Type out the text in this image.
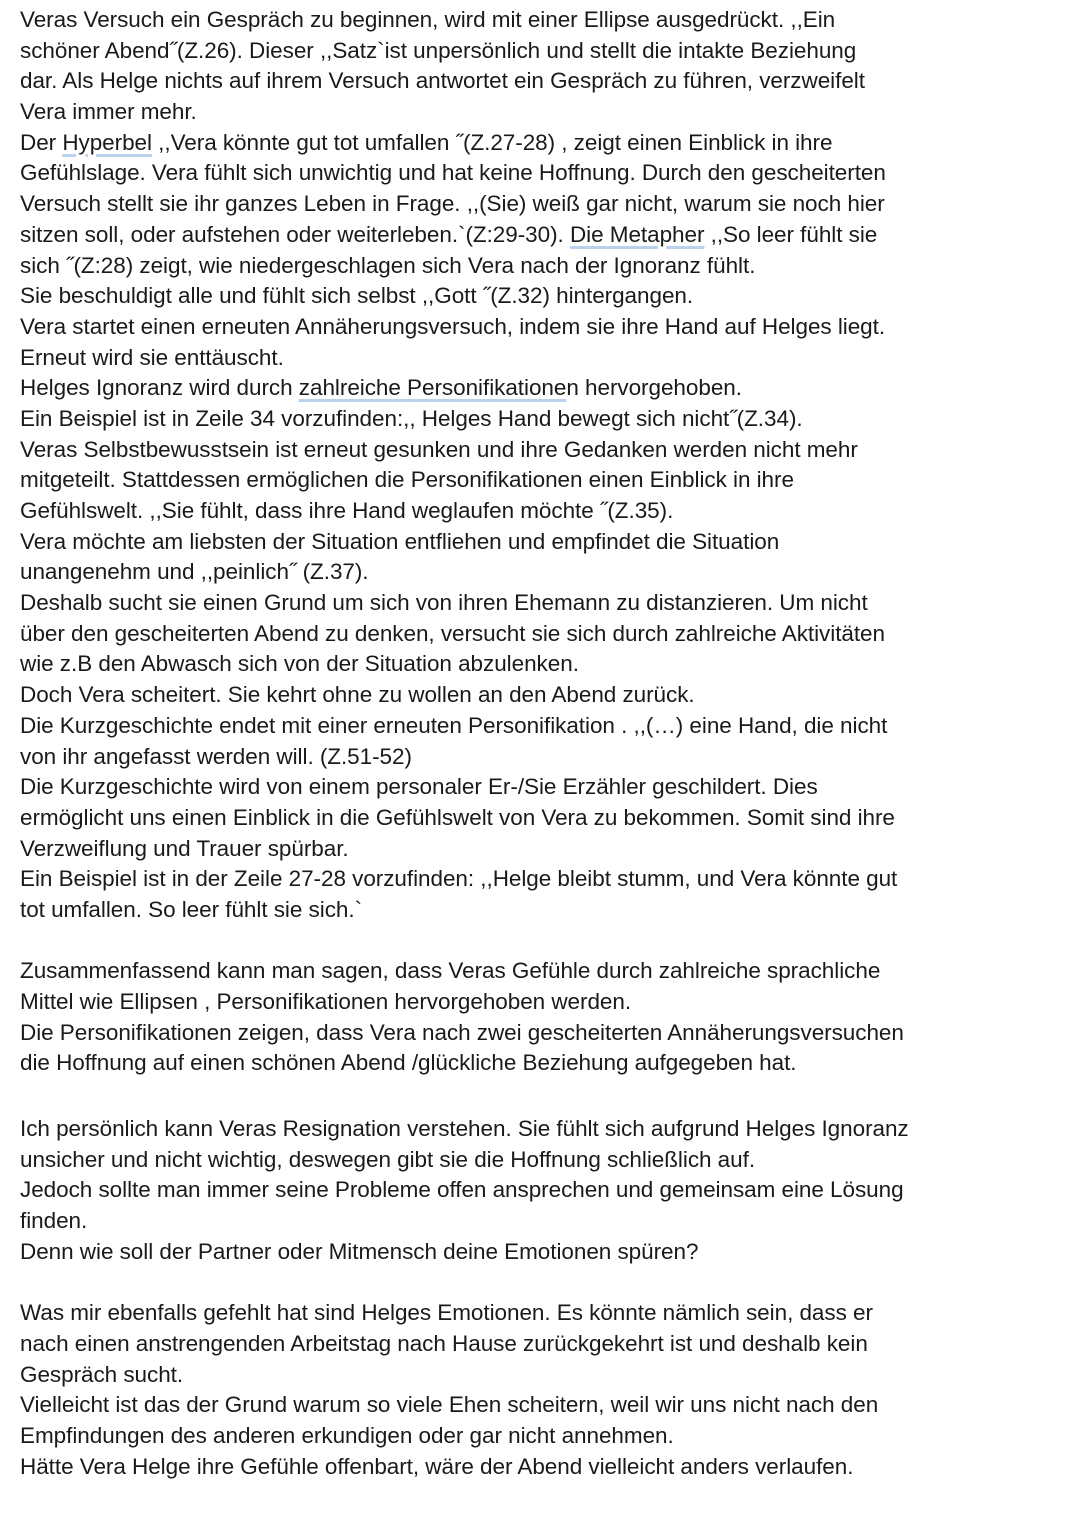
Veras Versuch ein Gespräch zu beginnen, wird mit einer Ellipse ausgedrückt. ,,Ein
schöner Abend˝(Z.26). Dieser ,,Satz`ist unpersönlich und stellt die intakte Beziehung
dar. Als Helge nichts auf ihrem Versuch antwortet ein Gespräch zu führen, verzweifelt
Vera immer mehr.
Der Hyperbel ,,Vera könnte gut tot umfallen ˝(Z.27-28) , zeigt einen Einblick in ihre
Gefühlslage. Vera fühlt sich unwichtig und hat keine Hoffnung. Durch den gescheiterten
Versuch stellt sie ihr ganzes Leben in Frage. ,,(Sie) weiß gar nicht, warum sie noch hier
sitzen soll, oder aufstehen oder weiterleben.`(Z:29-30). Die Metapher ,,So leer fühlt sie
sich ˝(Z:28) zeigt, wie niedergeschlagen sich Vera nach der Ignoranz fühlt.
Sie beschuldigt alle und fühlt sich selbst ,,Gott ˝(Z.32) hintergangen.
Vera startet einen erneuten Annäherungsversuch, indem sie ihre Hand auf Helges liegt.
Erneut wird sie enttäuscht.
Helges Ignoranz wird durch zahlreiche Personifikationen hervorgehoben.
Ein Beispiel ist in Zeile 34 vorzufinden:,, Helges Hand bewegt sich nicht˝(Z.34).
Veras Selbstbewusstsein ist erneut gesunken und ihre Gedanken werden nicht mehr
mitgeteilt. Stattdessen ermöglichen die Personifikationen einen Einblick in ihre
Gefühlswelt. ,,Sie fühlt, dass ihre Hand weglaufen möchte ˝(Z.35).
Vera möchte am liebsten der Situation entfliehen und empfindet die Situation
unangenehm und ,,peinlich˝ (Z.37).
Deshalb sucht sie einen Grund um sich von ihren Ehemann zu distanzieren. Um nicht
über den gescheiterten Abend zu denken, versucht sie sich durch zahlreiche Aktivitäten
wie z.B den Abwasch sich von der Situation abzulenken.
Doch Vera scheitert. Sie kehrt ohne zu wollen an den Abend zurück.
Die Kurzgeschichte endet mit einer erneuten Personifikation . ,,(…) eine Hand, die nicht
von ihr angefasst werden will. (Z.51-52)
Die Kurzgeschichte wird von einem personaler Er-/Sie Erzähler geschildert. Dies
ermöglicht uns einen Einblick in die Gefühlswelt von Vera zu bekommen. Somit sind ihre
Verzweiflung und Trauer spürbar.
Ein Beispiel ist in der Zeile 27-28 vorzufinden: ,,Helge bleibt stumm, und Vera könnte gut
tot umfallen. So leer fühlt sie sich.`
Zusammenfassend kann man sagen, dass Veras Gefühle durch zahlreiche sprachliche
Mittel wie Ellipsen , Personifikationen hervorgehoben werden.
Die Personifikationen zeigen, dass Vera nach zwei gescheiterten Annäherungsversuchen
die Hoffnung auf einen schönen Abend /glückliche Beziehung aufgegeben hat.
Ich persönlich kann Veras Resignation verstehen. Sie fühlt sich aufgrund Helges Ignoranz
unsicher und nicht wichtig, deswegen gibt sie die Hoffnung schließlich auf.
Jedoch sollte man immer seine Probleme offen ansprechen und gemeinsam eine Lösung
finden.
Denn wie soll der Partner oder Mitmensch deine Emotionen spüren?
Was mir ebenfalls gefehlt hat sind Helges Emotionen. Es könnte nämlich sein, dass er
nach einen anstrengenden Arbeitstag nach Hause zurückgekehrt ist und deshalb kein
Gespräch sucht.
Vielleicht ist das der Grund warum so viele Ehen scheitern, weil wir uns nicht nach den
Empfindungen des anderen erkundigen oder gar nicht annehmen.
Hätte Vera Helge ihre Gefühle offenbart, wäre der Abend vielleicht anders verlaufen.
